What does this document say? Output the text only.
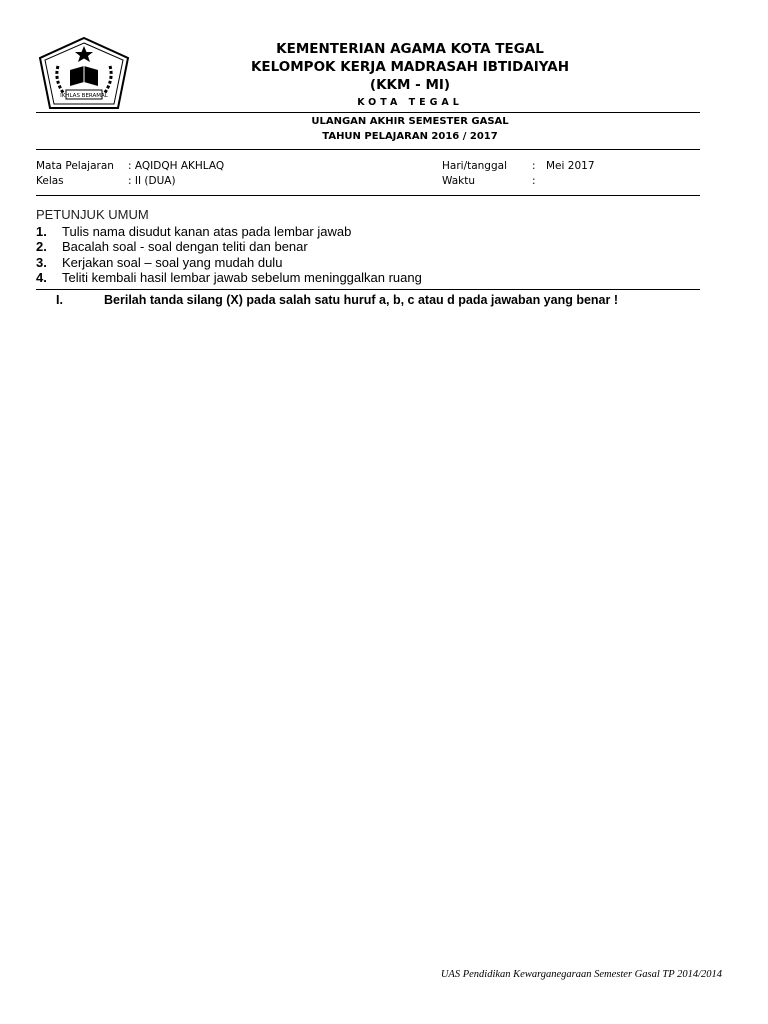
IKHLAS BERAMAL
KEMENTERIAN AGAMA KOTA TEGAL
KELOMPOK KERJA MADRASAH IBTIDAIYAH
(KKM - MI)
KOTA TEGAL
ULANGAN AKHIR SEMESTER GASAL
TAHUN PELAJARAN 2016 / 2017
Mata Pelajaran : AQIDQH AKHLAQ
Kelas	: II (DUA)
Hari/tanggal : Mei 2017
Waktu	:
PETUNJUK UMUM
1. Tulis nama disudut kanan atas pada lembar jawab
2. Bacalah soal - soal dengan teliti dan benar
3. Kerjakan soal – soal yang mudah dulu
4. Teliti kembali hasil lembar jawab sebelum meninggalkan ruang
I.	Berilah tanda silang (X) pada salah satu huruf a, b, c atau d pada jawaban yang benar !
UAS Pendidikan Kewarganegaraan Semester Gasal TP 2014/2014
